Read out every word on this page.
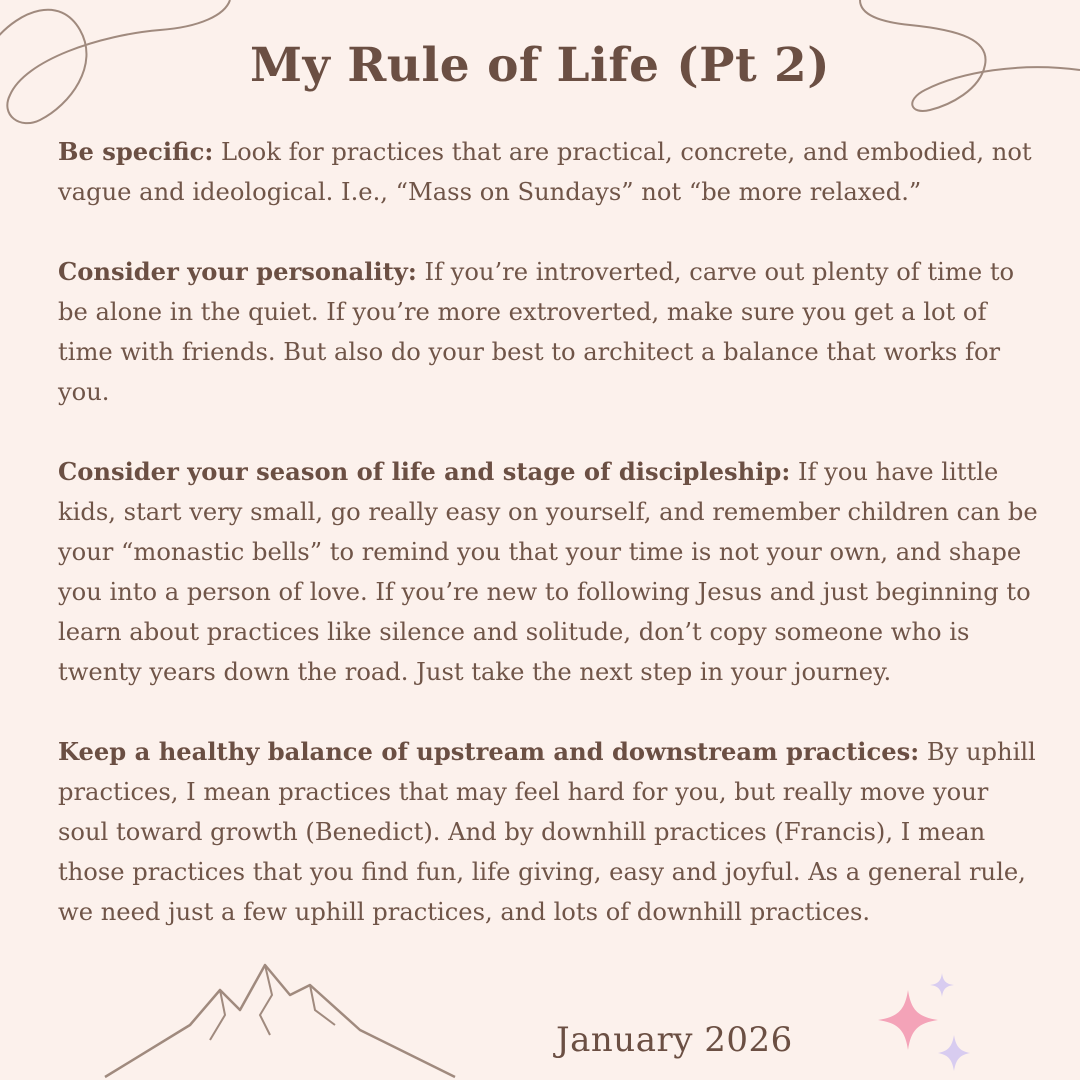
My Rule of Life (Pt 2)

Be specific: Look for practices that are practical, concrete, and embodied, not vague and ideological. I.e., “Mass on Sundays” not “be more relaxed.”

Consider your personality: If you’re introverted, carve out plenty of time to be alone in the quiet. If you’re more extroverted, make sure you get a lot of time with friends. But also do your best to architect a balance that works for you.

Consider your season of life and stage of discipleship: If you have little kids, start very small, go really easy on yourself, and remember children can be your “monastic bells” to remind you that your time is not your own, and shape you into a person of love. If you’re new to following Jesus and just beginning to learn about practices like silence and solitude, don’t copy someone who is twenty years down the road. Just take the next step in your journey.

Keep a healthy balance of upstream and downstream practices: By uphill practices, I mean practices that may feel hard for you, but really move your soul toward growth (Benedict). And by downhill practices (Francis), I mean those practices that you find fun, life giving, easy and joyful. As a general rule, we need just a few uphill practices, and lots of downhill practices.

January 2026
